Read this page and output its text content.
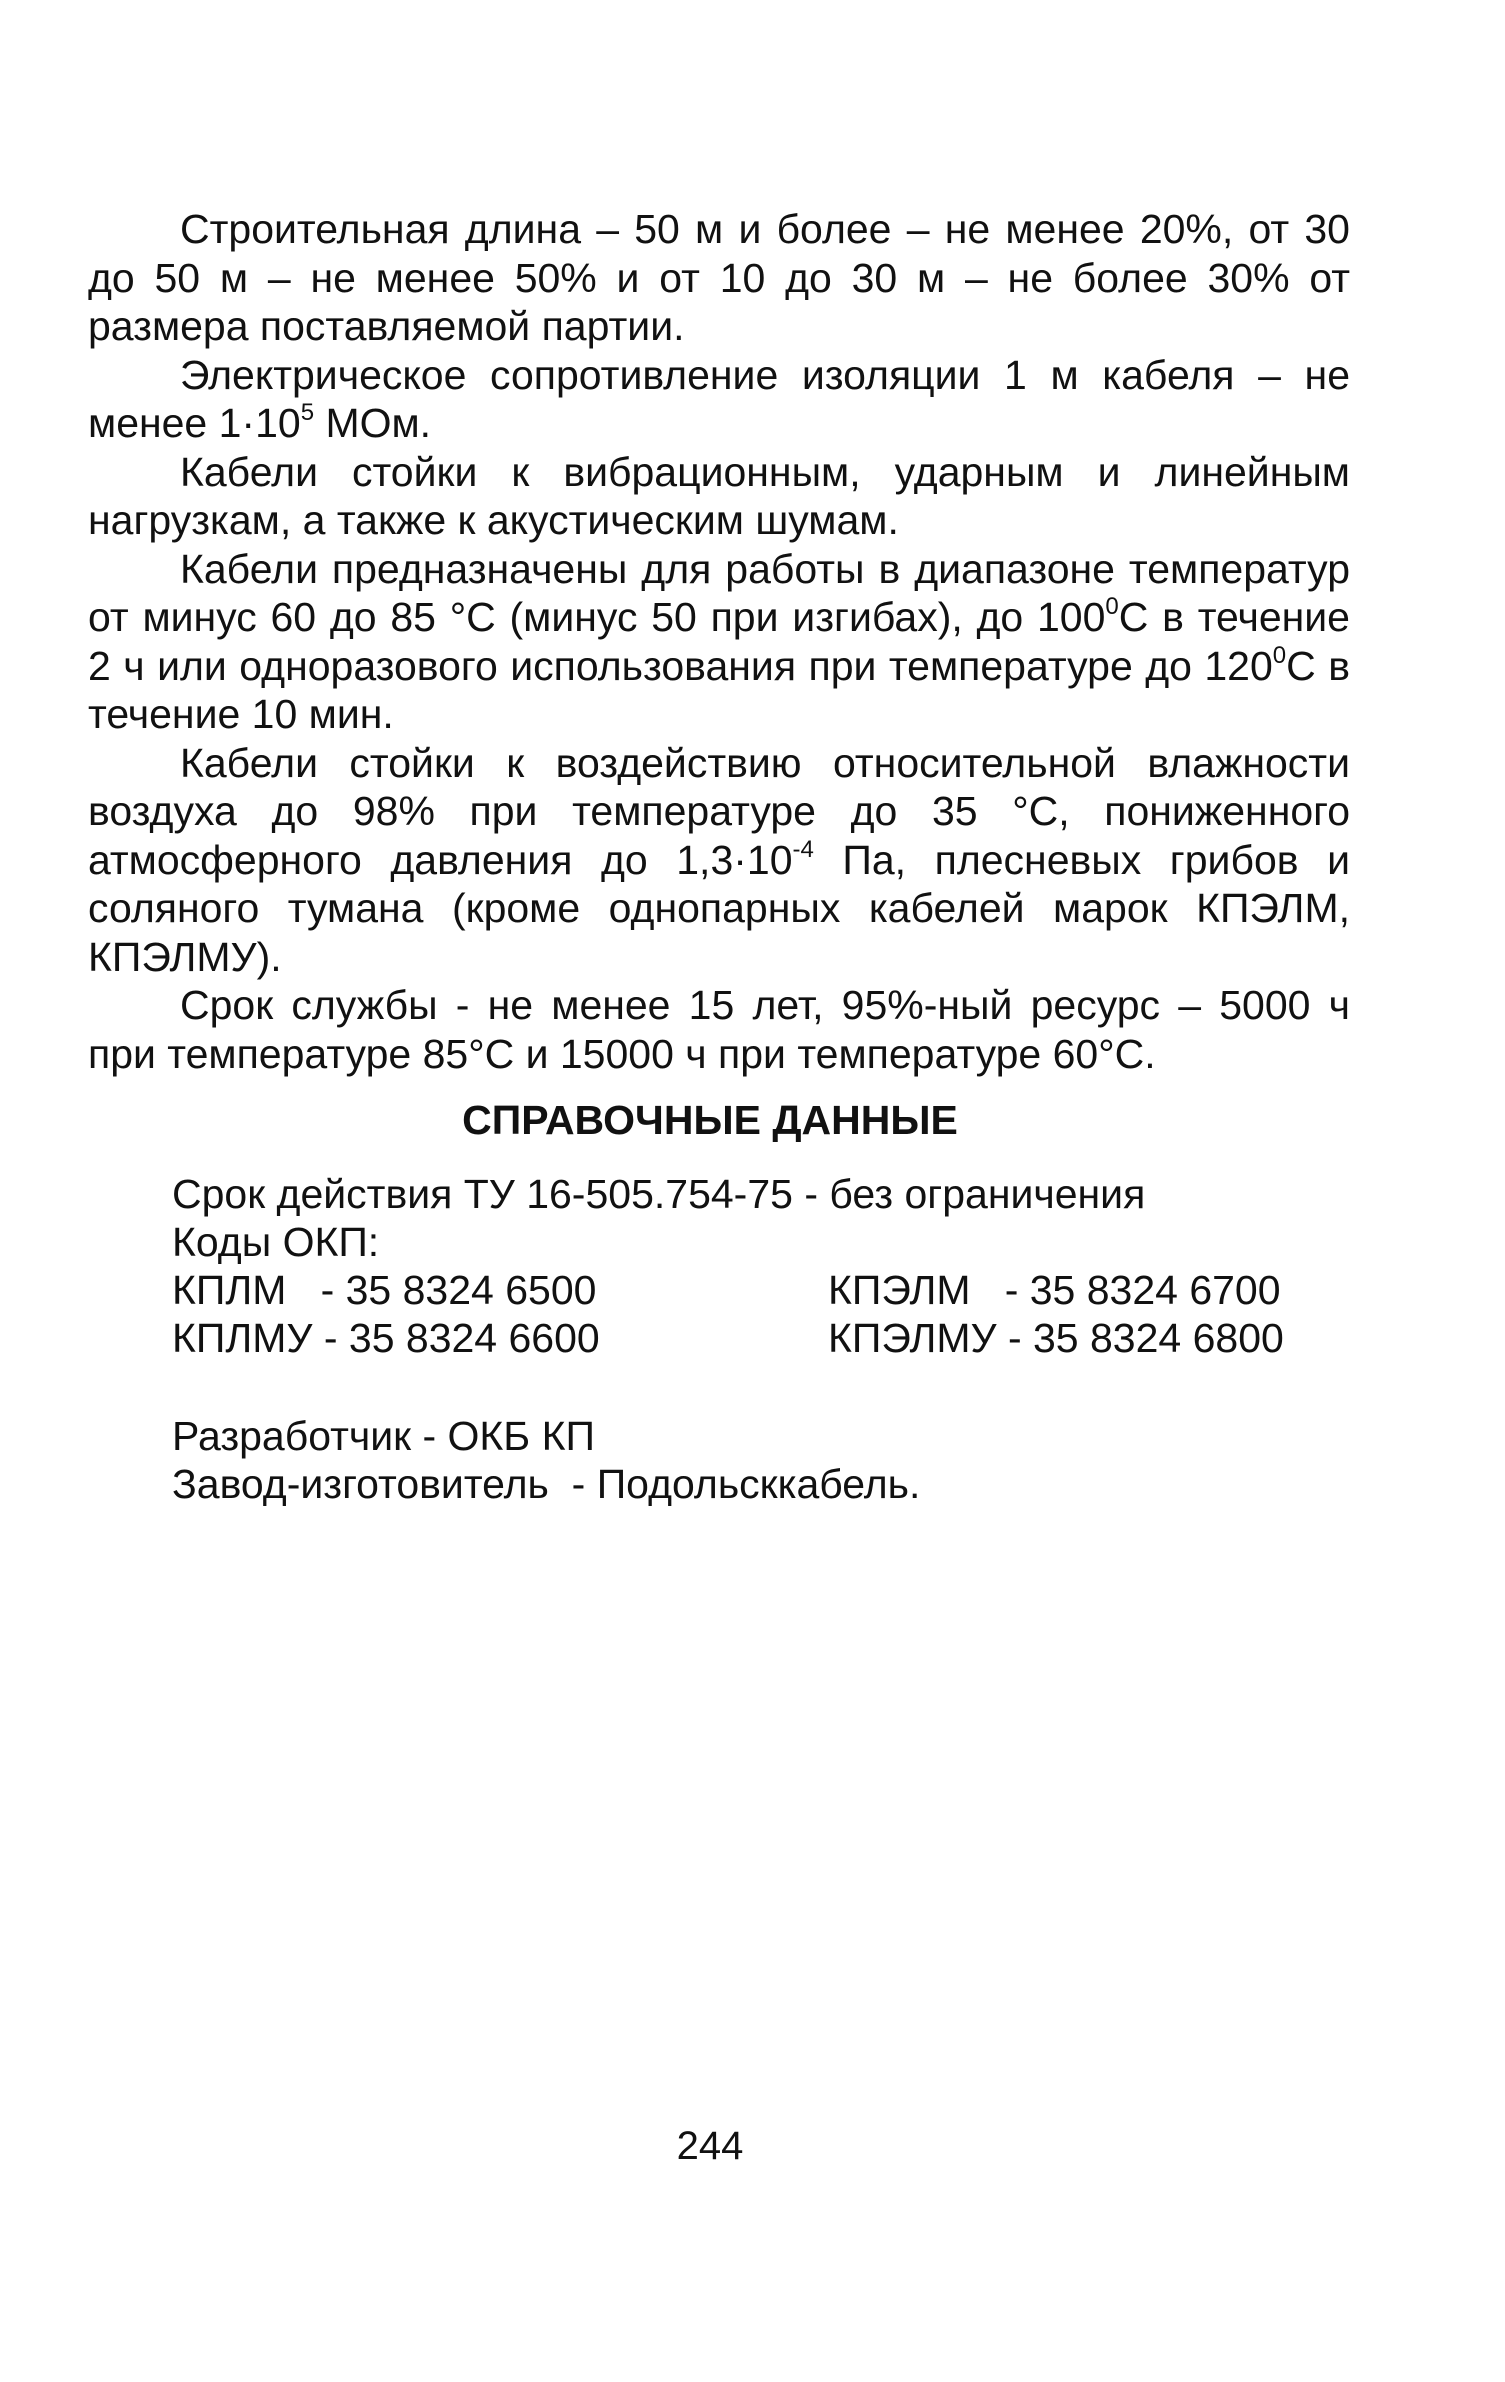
Строительная длина – 50 м и более – не менее 20%, от 30 до 50 м – не менее 50% и от 10 до 30 м – не более 30% от размера поставляемой партии.

Электрическое сопротивление изоляции 1 м кабеля – не менее $1\cdot 10^5$ МОм.

Кабели стойки к вибрационным, ударным и линейным нагрузкам, а также к акустическим шумам.

Кабели предназначены для работы в диапазоне температур от минус 60 до 85 °С (минус 50 при изгибах), до $100^0С$ в течение 2 ч или одноразового использования при температуре до $120^0С$ в течение 10 мин.

Кабели стойки к воздействию относительной влажности воздуха до 98% при температуре до 35 °С, пониженного атмосферного давления до $1,3\cdot 10^{-4}$ Па, плесневых грибов и соляного тумана (кроме однопарных кабелей марок КПЭЛМ, КПЭЛМУ).

Срок службы - не менее 15 лет, 95%-ный ресурс – 5000 ч при температуре 85°С и 15000 ч при температуре 60°С.

СПРАВОЧНЫЕ ДАННЫЕ
Срок действия ТУ 16-505.754-75 - без ограничения
Коды ОКП:
КПЛМ   - 35 8324 6500	КПЭЛМ   - 35 8324 6700
КПЛМУ - 35 8324 6600	КПЭЛМУ - 35 8324 6800
Разработчик - ОКБ КП
Завод-изготовитель  - Подольсккабель.
244
